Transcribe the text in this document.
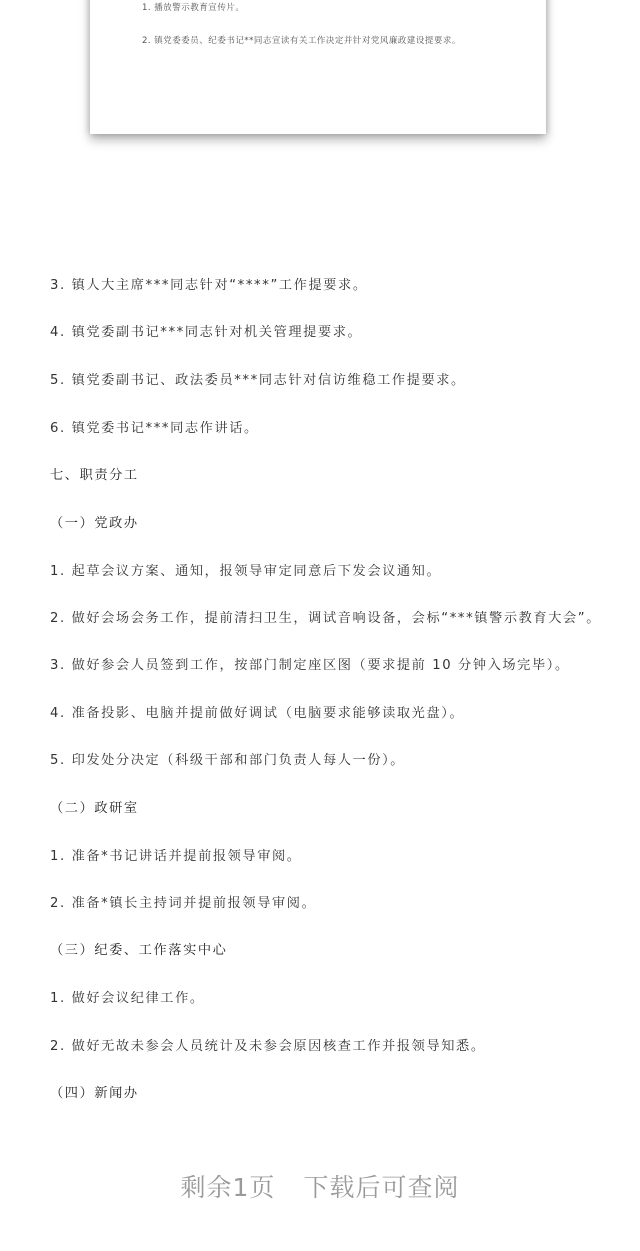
1. 播放警示教育宣传片。
2. 镇党委委员、纪委书记**同志宣读有关工作决定并针对党风廉政建设提要求。
3. 镇人大主席***同志针对“****”工作提要求。
4. 镇党委副书记***同志针对机关管理提要求。
5. 镇党委副书记、政法委员***同志针对信访维稳工作提要求。
6. 镇党委书记***同志作讲话。
七、职责分工
（一）党政办
1. 起草会议方案、通知，报领导审定同意后下发会议通知。
2. 做好会场会务工作，提前清扫卫生，调试音响设备，会标“***镇警示教育大会”。
3. 做好参会人员签到工作，按部门制定座区图（要求提前 10 分钟入场完毕）。
4. 准备投影、电脑并提前做好调试（电脑要求能够读取光盘）。
5. 印发处分决定（科级干部和部门负责人每人一份）。
（二）政研室
1. 准备*书记讲话并提前报领导审阅。
2. 准备*镇长主持词并提前报领导审阅。
（三）纪委、工作落实中心
1. 做好会议纪律工作。
2. 做好无故未参会人员统计及未参会原因核查工作并报领导知悉。
（四）新闻办
剩余1页 下载后可查阅
